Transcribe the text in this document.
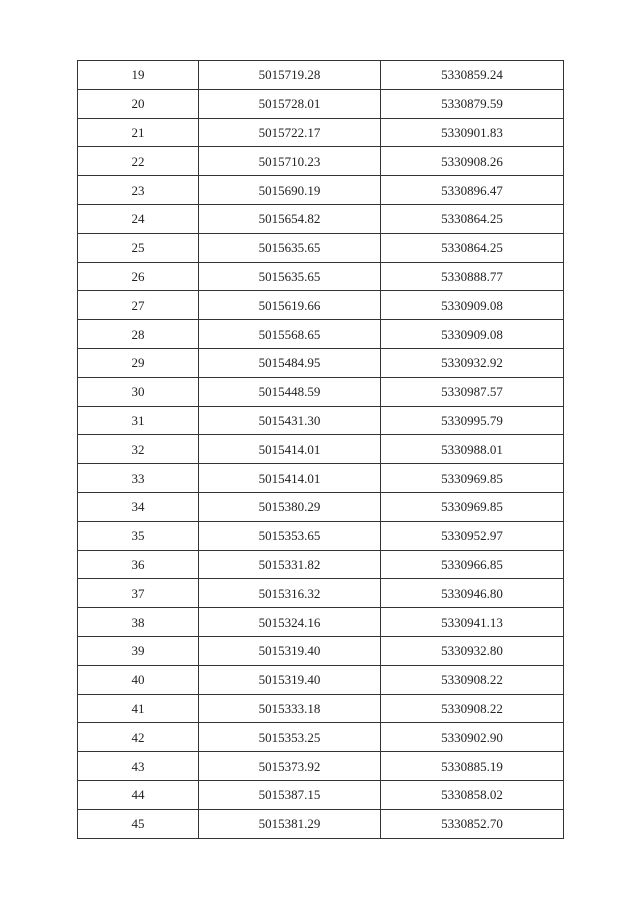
19	5015719.28	5330859.24
20	5015728.01	5330879.59
21	5015722.17	5330901.83
22	5015710.23	5330908.26
23	5015690.19	5330896.47
24	5015654.82	5330864.25
25	5015635.65	5330864.25
26	5015635.65	5330888.77
27	5015619.66	5330909.08
28	5015568.65	5330909.08
29	5015484.95	5330932.92
30	5015448.59	5330987.57
31	5015431.30	5330995.79
32	5015414.01	5330988.01
33	5015414.01	5330969.85
34	5015380.29	5330969.85
35	5015353.65	5330952.97
36	5015331.82	5330966.85
37	5015316.32	5330946.80
38	5015324.16	5330941.13
39	5015319.40	5330932.80
40	5015319.40	5330908.22
41	5015333.18	5330908.22
42	5015353.25	5330902.90
43	5015373.92	5330885.19
44	5015387.15	5330858.02
45	5015381.29	5330852.70
